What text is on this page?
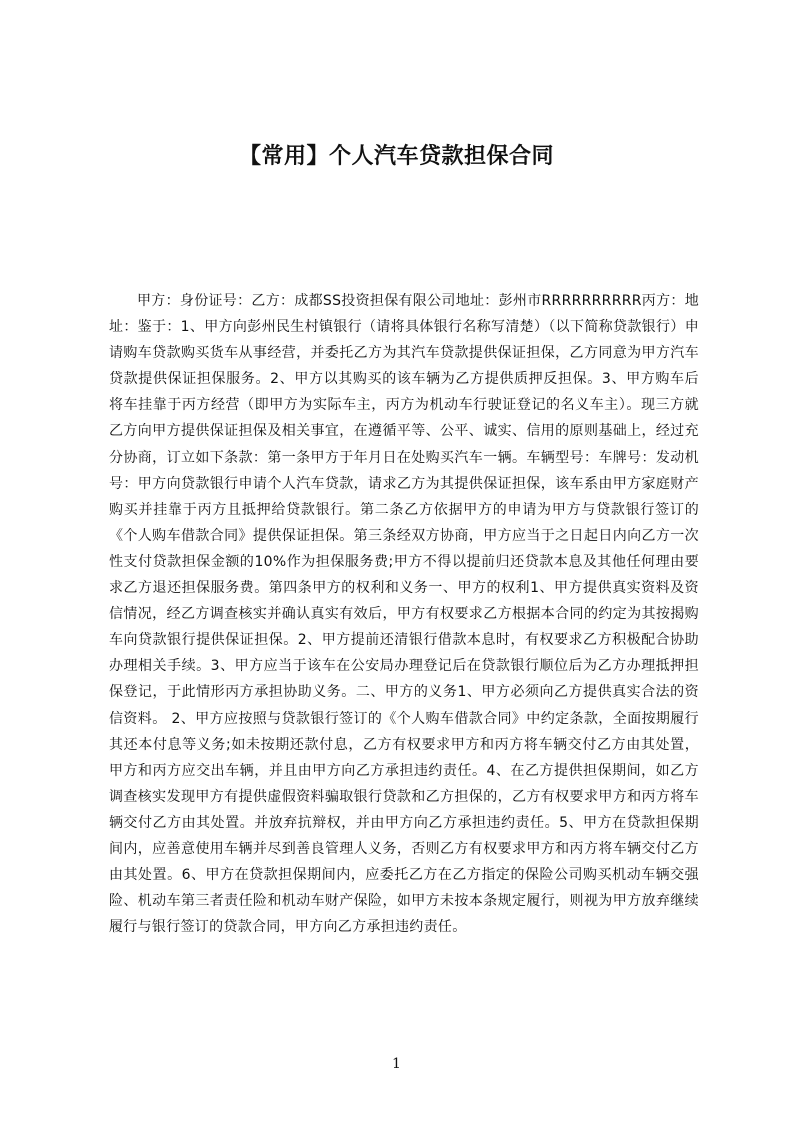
【常用】个人汽车贷款担保合同

甲方：身份证号：乙方：成都SS投资担保有限公司地址：彭州市RRRRRRRRRR丙方：地址：鉴于：1、甲方向彭州民生村镇银行（请将具体银行名称写清楚）（以下简称贷款银行）申请购车贷款购买货车从事经营，并委托乙方为其汽车贷款提供保证担保，乙方同意为甲方汽车贷款提供保证担保服务。2、甲方以其购买的该车辆为乙方提供质押反担保。3、甲方购车后将车挂靠于丙方经营（即甲方为实际车主，丙方为机动车行驶证登记的名义车主）。现三方就乙方向甲方提供保证担保及相关事宜，在遵循平等、公平、诚实、信用的原则基础上，经过充分协商，订立如下条款：第一条甲方于年月日在处购买汽车一辆。车辆型号：车牌号：发动机号：甲方向贷款银行申请个人汽车贷款，请求乙方为其提供保证担保，该车系由甲方家庭财产购买并挂靠于丙方且抵押给贷款银行。第二条乙方依据甲方的申请为甲方与贷款银行签订的《个人购车借款合同》提供保证担保。第三条经双方协商，甲方应当于之日起日内向乙方一次性支付贷款担保金额的10%作为担保服务费;甲方不得以提前归还贷款本息及其他任何理由要求乙方退还担保服务费。第四条甲方的权利和义务一、甲方的权利1、甲方提供真实资料及资信情况，经乙方调查核实并确认真实有效后，甲方有权要求乙方根据本合同的约定为其按揭购车向贷款银行提供保证担保。2、甲方提前还清银行借款本息时，有权要求乙方积极配合协助办理相关手续。3、甲方应当于该车在公安局办理登记后在贷款银行顺位后为乙方办理抵押担保登记，于此情形丙方承担协助义务。二、甲方的义务1、甲方必须向乙方提供真实合法的资信资料。 2、甲方应按照与贷款银行签订的《个人购车借款合同》中约定条款，全面按期履行其还本付息等义务;如未按期还款付息，乙方有权要求甲方和丙方将车辆交付乙方由其处置，甲方和丙方应交出车辆，并且由甲方向乙方承担违约责任。4、在乙方提供担保期间，如乙方调查核实发现甲方有提供虚假资料骗取银行贷款和乙方担保的，乙方有权要求甲方和丙方将车辆交付乙方由其处置。并放弃抗辩权，并由甲方向乙方承担违约责任。5、甲方在贷款担保期间内，应善意使用车辆并尽到善良管理人义务，否则乙方有权要求甲方和丙方将车辆交付乙方由其处置。6、甲方在贷款担保期间内，应委托乙方在乙方指定的保险公司购买机动车辆交强险、机动车第三者责任险和机动车财产保险，如甲方未按本条规定履行，则视为甲方放弃继续履行与银行签订的贷款合同，甲方向乙方承担违约责任。

1
